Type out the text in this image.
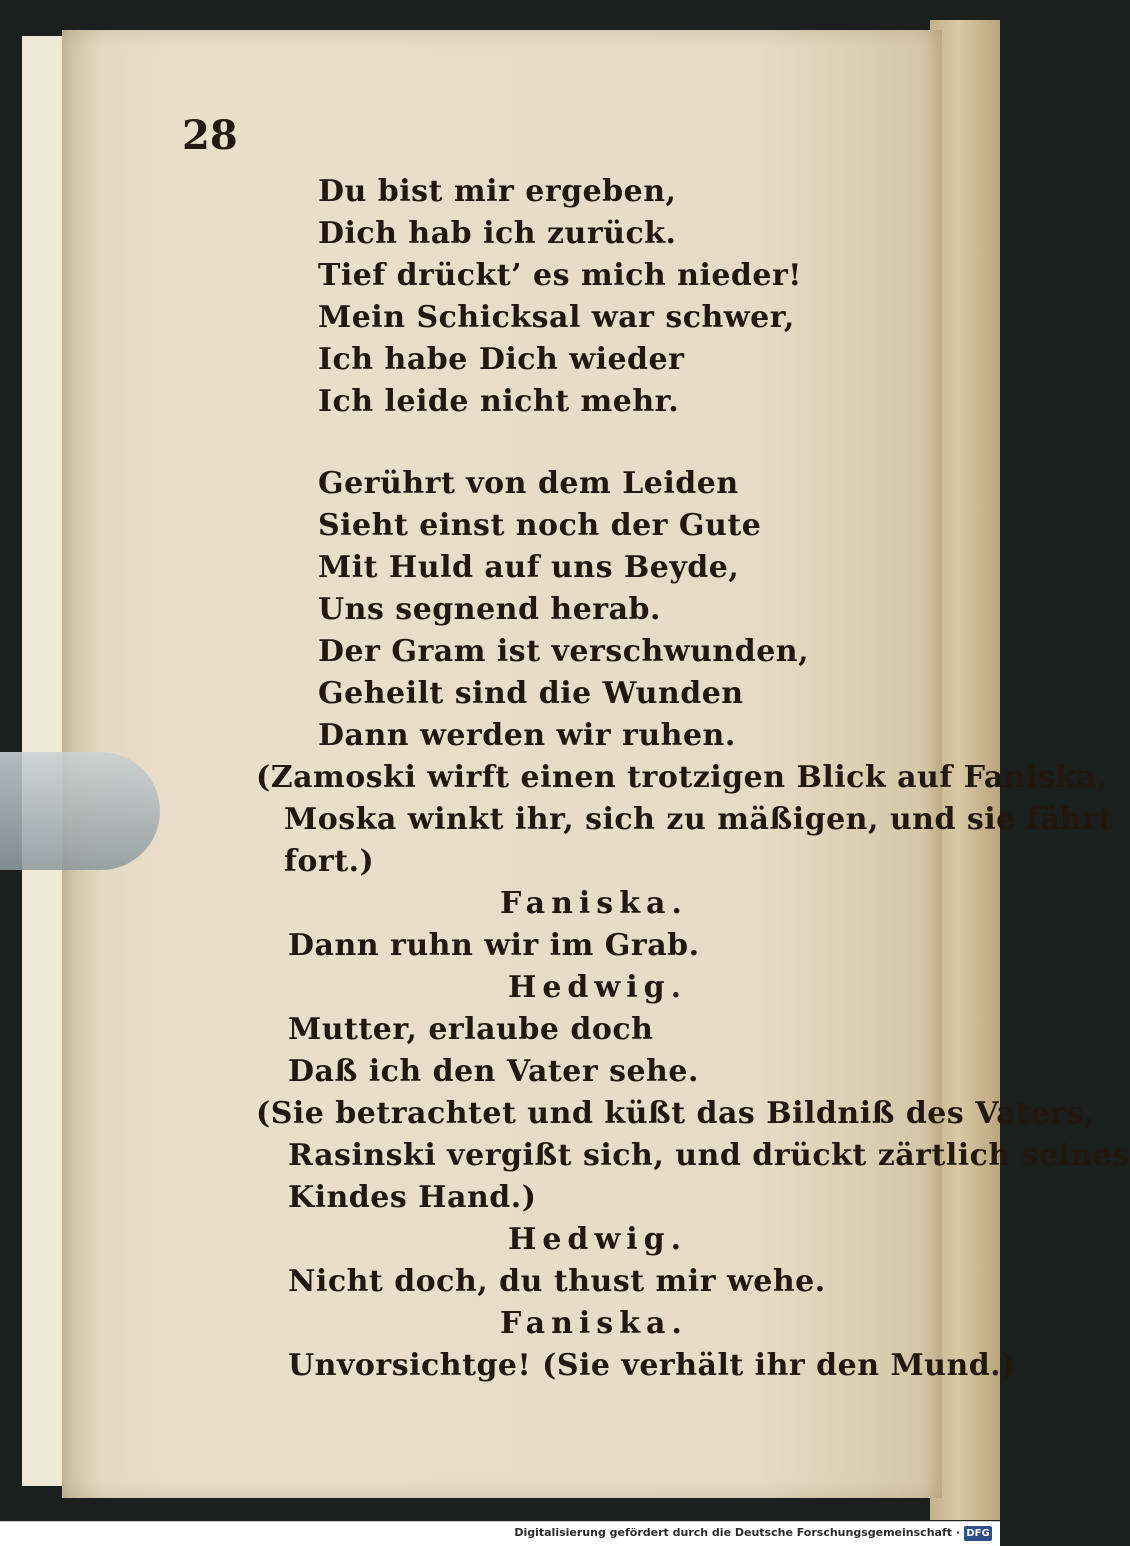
28
Du bist mir ergeben,
Dich hab ich zurück.
Tief drückt’ es mich nieder!
Mein Schicksal war schwer,
Ich habe Dich wieder
Ich leide nicht mehr.
Gerührt von dem Leiden
Sieht einst noch der Gute
Mit Huld auf uns Beyde,
Uns segnend herab.
Der Gram ist verschwunden,
Geheilt sind die Wunden
Dann werden wir ruhen.
(Zamoski wirft einen trotzigen Blick auf Faniska,
Moska winkt ihr, sich zu mäßigen, und sie fährt
fort.)
Faniska.
Dann ruhn wir im Grab.
Hedwig.
Mutter, erlaube doch
Daß ich den Vater sehe.
(Sie betrachtet und küßt das Bildniß des Vaters,
Rasinski vergißt sich, und drückt zärtlich seines
Kindes Hand.)
Hedwig.
Nicht doch, du thust mir wehe.
Faniska.
Unvorsichtge! (Sie verhält ihr den Mund.)
Digitalisierung gefördert durch die Deutsche Forschungsgemeinschaft · DFG
